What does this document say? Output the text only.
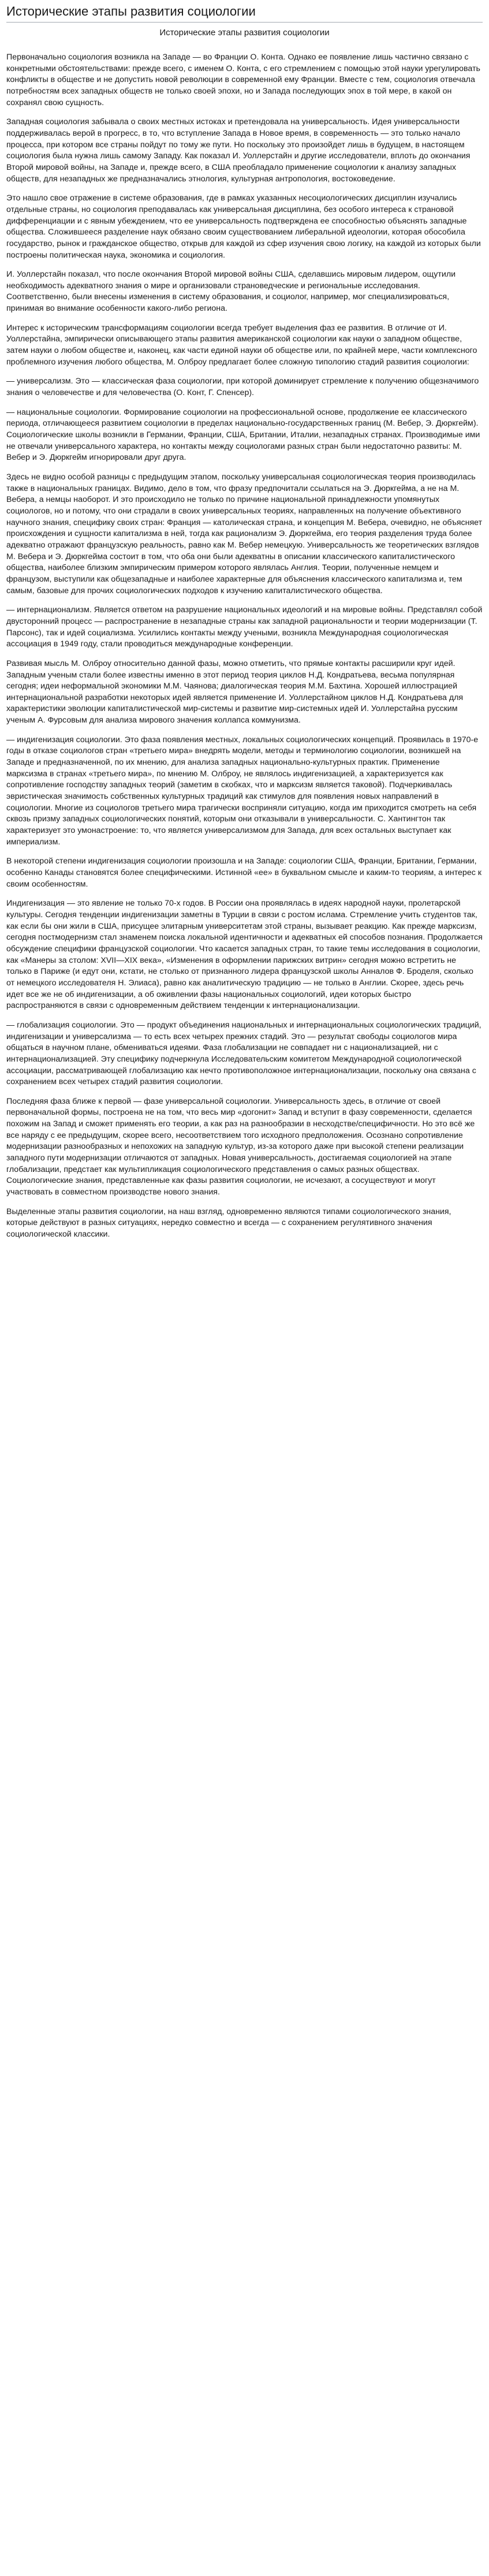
Исторические этапы развития социологии
Исторические этапы развития социологии

Первоначально социология возникла на Западе — во Франции О. Конта. Однако ее появление лишь частично связано с конкретными обстоятельствами: прежде всего, с именем О. Конта, с его стремлением с помощью этой науки урегулировать конфликты в обществе и не допустить новой революции в современной ему Франции. Вместе с тем, социология отвечала потребностям всех западных обществ не только своей эпохи, но и Запада последующих эпох в той мере, в какой он сохранял свою сущность.

Западная социология забывала о своих местных истоках и претендовала на универсальность. Идея универсальности поддерживалась верой в прогресс, в то, что вступление Запада в Новое время, в современность — это только начало процесса, при котором все страны пойдут по тому же пути. Но поскольку это произойдет лишь в будущем, в настоящем социология была нужна лишь самому Западу. Как показал И. Уоллерстайн и другие исследователи, вплоть до окончания Второй мировой войны, на Западе и, прежде всего, в США преобладало применение социологии к анализу западных обществ, для незападных же предназначались этнология, культурная антропология, востоковедение.

Это нашло свое отражение в системе образования, где в рамках указанных несоциологических дисциплин изучались отдельные страны, но социология преподавалась как универсальная дисциплина, без особого интереса к страновой дифференциации и с явным убеждением, что ее универсальность подтверждена ее способностью объяснять западные общества. Сложившееся разделение наук обязано своим существованием либеральной идеологии, которая обособила государство, рынок и гражданское общество, открыв для каждой из сфер изучения свою логику, на каждой из которых были построены политическая наука, экономика и социология.

И. Уоллерстайн показал, что после окончания Второй мировой войны США, сделавшись мировым лидером, ощутили необходимость адекватного знания о мире и организовали страноведческие и региональные исследования. Соответственно, были внесены изменения в систему образования, и социолог, например, мог специализироваться, принимая во внимание особенности какого-либо региона.

Интерес к историческим трансформациям социологии всегда требует выделения фаз ее развития. В отличие от И. Уоллерстайна, эмпирически описывающего этапы развития американской социологии как науки о западном обществе, затем науки о любом обществе и, наконец, как части единой науки об обществе или, по крайней мере, части комплексного проблемного изучения любого общества, М. Олброу предлагает более сложную типологию стадий развития социологии:

— универсализм. Это — классическая фаза социологии, при которой доминирует стремление к получению общезначимого знания о человечестве и для человечества (О. Конт, Г. Спенсер).

— национальные социологии. Формирование социологии на профессиональной основе, продолжение ее классического периода, отличающееся развитием социологии в пределах национально-государственных границ (М. Вебер, Э. Дюркгейм). Социологические школы возникли в Германии, Франции, США, Британии, Италии, незападных странах. Производимые ими не отвечали универсального характера, но контакты между социологами разных стран были недостаточно развиты: М. Вебер и Э. Дюркгейм игнорировали друг друга.

Здесь не видно особой разницы с предыдущим этапом, поскольку универсальная социологическая теория производилась также в национальных границах. Видимо, дело в том, что фразу предпочитали ссылаться на Э. Дюркгейма, а не на М. Вебера, а немцы наоборот. И это происходило не только по причине национальной принадлежности упомянутых социологов, но и потому, что они страдали в своих универсальных теориях, направленных на получение объективного научного знания, специфику своих стран: Франция — католическая страна, и концепция М. Вебера, очевидно, не объясняет происхождения и сущности капитализма в ней, тогда как рационализм Э. Дюркгейма, его теория разделения труда более адекватно отражают французскую реальность, равно как М. Вебер немецкую. Универсальность же теоретических взглядов М. Вебера и Э. Дюркгейма состоит в том, что оба они были адекватны в описании классического капиталистического общества, наиболее близким эмпирическим примером которого являлась Англия. Теории, полученные немцем и французом, выступили как общезападные и наиболее характерные для объяснения классического капитализма и, тем самым, базовые для прочих социологических подходов к изучению капиталистического общества.

— интернационализм. Является ответом на разрушение национальных идеологий и на мировые войны. Представлял собой двусторонний процесс — распространение в незападные страны как западной рациональности и теории модернизации (Т. Парсонс), так и идей социализма. Усилились контакты между учеными, возникла Международная социологическая ассоциация в 1949 году, стали проводиться международные конференции.

Развивая мысль М. Олброу относительно данной фазы, можно отметить, что прямые контакты расширили круг идей. Западным ученым стали более известны именно в этот период теория циклов Н.Д. Кондратьева, весьма популярная сегодня; идеи неформальной экономики М.М. Чаянова; диалогическая теория М.М. Бахтина. Хорошей иллюстрацией интернациональной разработки некоторых идей является применение И. Уоллерстайном циклов Н.Д. Кондратьева для характеристики эволюции капиталистической мир-системы и развитие мир-системных идей И. Уоллерстайна русским ученым А. Фурсовым для анализа мирового значения коллапса коммунизма.

— индигенизация социологии. Это фаза появления местных, локальных социологических концепций. Проявилась в 1970-е годы в отказе социологов стран «третьего мира» внедрять модели, методы и терминологию социологии, возникшей на Западе и предназначенной, по их мнению, для анализа западных национально-культурных практик. Применение марксизма в странах «третьего мира», по мнению М. Олброу, не являлось индигенизацией, а характеризуется как сопротивление господству западных теорий (заметим в скобках, что и марксизм является таковой). Подчеркивалась эвристическая значимость собственных культурных традиций как стимулов для появления новых направлений в социологии. Многие из социологов третьего мира трагически восприняли ситуацию, когда им приходится смотреть на себя сквозь призму западных социологических понятий, которым они отказывали в универсальности. С. Хантингтон так характеризует это умонастроение: то, что является универсализмом для Запада, для всех остальных выступает как империализм.

В некоторой степени индигенизация социологии произошла и на Западе: социологии США, Франции, Британии, Германии, особенно Канады становятся более специфическими. Истинной «ее» в буквальном смысле и каким-то теориям, а интерес к своим особенностям.

Индигенизация — это явление не только 70-х годов. В России она проявлялась в идеях народной науки, пролетарской культуры. Сегодня тенденции индигенизации заметны в Турции в связи с ростом ислама. Стремление учить студентов так, как если бы они жили в США, присущее элитарным университетам этой страны, вызывает реакцию. Как прежде марксизм, сегодня постмодернизм стал знаменем поиска локальной идентичности и адекватных ей способов познания. Продолжается обсуждение специфики французской социологии. Что касается западных стран, то такие темы исследования в социологии, как «Манеры за столом: XVII—XIX века», «Изменения в оформлении парижских витрин» сегодня можно встретить не только в Париже (и едут они, кстати, не столько от признанного лидера французской школы Анналов Ф. Броделя, сколько от немецкого исследователя Н. Элиаса), равно как аналитическую традицию — не только в Англии. Скорее, здесь речь идет все же не об индигенизации, а об оживлении фазы национальных социологий, идеи которых быстро распространяются в связи с одновременным действием тенденции к интернационализации.

— глобализация социологии. Это — продукт объединения национальных и интернациональных социологических традиций, индигенизации и универсализма — то есть всех четырех прежних стадий. Это — результат свободы социологов мира общаться в научном плане, обмениваться идеями. Фаза глобализации не совпадает ни с национализацией, ни с интернационализацией. Эту специфику подчеркнула Исследовательским комитетом Международной социологической ассоциации, рассматривающей глобализацию как нечто противоположное интернационализации, поскольку она связана с сохранением всех четырех стадий развития социологии.

Последняя фаза ближе к первой — фазе универсальной социологии. Универсальность здесь, в отличие от своей первоначальной формы, построена не на том, что весь мир «догонит» Запад и вступит в фазу современности, сделается похожим на Запад и сможет применять его теории, а как раз на разнообразии в несходстве/специфичности. Но это всё же все наряду с ее предыдущим, скорее всего, несоответствием того исходного предположения. Осознано сопротивление модернизации разнообразных и непохожих на западную культур, из-за которого даже при высокой степени реализации западного пути модернизации отличаются от западных. Новая универсальность, достигаемая социологией на этапе глобализации, предстает как мультипликация социологического представления о самых разных обществах. Социологические знания, представленные как фазы развития социологии, не исчезают, а сосуществуют и могут участвовать в совместном производстве нового знания.

Выделенные этапы развития социологии, на наш взгляд, одновременно являются типами социологического знания, которые действуют в разных ситуациях, нередко совместно и всегда — с сохранением регулятивного значения социологической классики.
